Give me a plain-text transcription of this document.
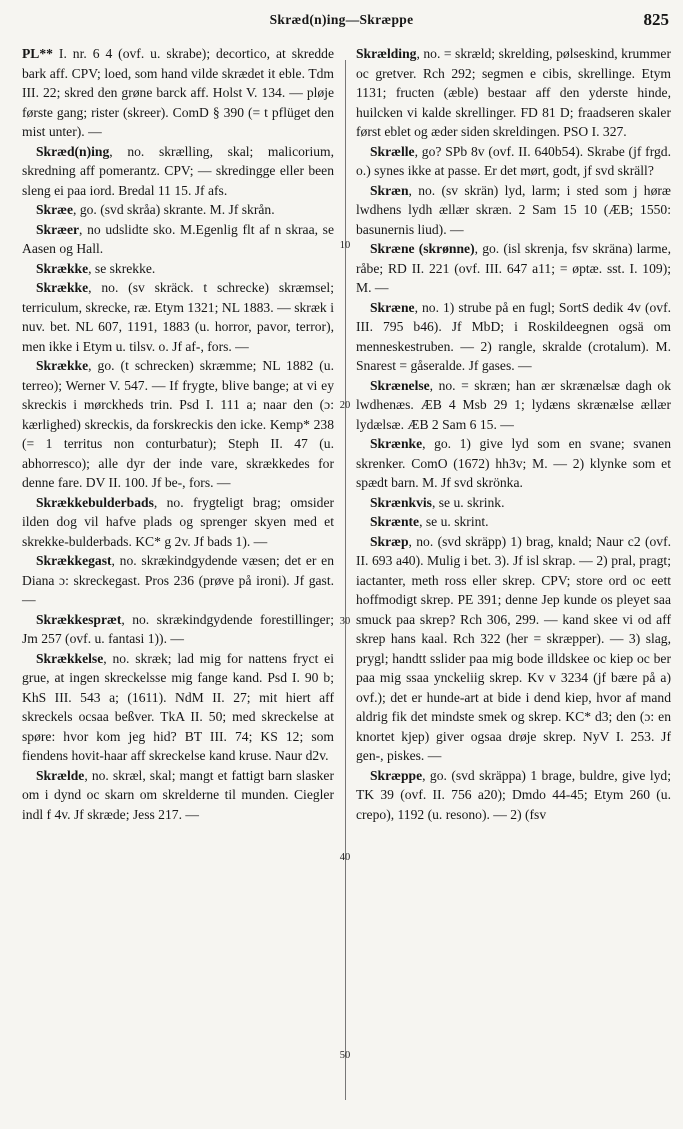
Skræd(n)ing—Skræppe	825
10
20
30
40
50

PL** I. nr. 6 4 (ovf. u. skrabe); decortico, at skredde bark aff. CPV; loed, som hand vilde skrædet it eble. Tdm III. 22; skred den grøne barck aff. Holst V. 134. — pløje første gang; rister (skreer). ComD § 390 (= t pflüget den mist unter). —

Skræd(n)ing, no. skrælling, skal; malicorium, skredning aff pomerantz. CPV; — skredingge eller been sleng ei paa iord. Bredal 11 15. Jf afs.

Skræe, go. (svd skråa) skrante. M. Jf skrån.

Skræer, no udslidte sko. M.Egenlig flt af n skraa, se Aasen og Hall.

Skrække, se skrekke.

Skrække, no. (sv skräck. t schrecke) skræmsel; terriculum, skrecke, ræ. Etym 1321; NL 1883. — skræk i nuv. bet. NL 607, 1191, 1883 (u. horror, pavor, terror), men ikke i Etym u. tilsv. o. Jf af-, fors. —

Skrække, go. (t schrecken) skræmme; NL 1882 (u. terreo); Werner V. 547. — If frygte, blive bange; at vi ey skreckis i mørckheds trin. Psd I. 111 a; naar den (ɔ: kærlighed) skreckis, da forskreckis den icke. Kemp* 238 (= 1 territus non conturbatur); Steph II. 47 (u. abhorresco); alle dyr der inde vare, skrækkedes for denne fare. DV II. 100. Jf be-, fors. —

Skrækkebulderbads, no. frygteligt brag; omsider ilden dog vil hafve plads og sprenger skyen med et skrekke-bulderbads. KC* g 2v. Jf bads 1). —

Skrækkegast, no. skrækindgydende væsen; det er en Diana ɔ: skreckegast. Pros 236 (prøve på ironi). Jf gast. —

Skrækkespræt, no. skrækindgydende forestillinger; Jm 257 (ovf. u. fantasi 1)). —

Skrækkelse, no. skræk; lad mig for nattens fryct ei grue, at ingen skreckelsse mig fange kand. Psd I. 90 b; KhS III. 543 a; (1611). NdM II. 27; mit hiert aff skreckels ocsaa beßver. TkA II. 50; med skreckelse at spøre: hvor kom jeg hid? BT III. 74; KS 12; som fiendens hovit-haar aff skreckelse kand kruse. Naur d2v.

Skrælde, no. skræl, skal; mangt et fattigt barn slasker om i dynd oc skarn om skrelderne til munden. Ciegler indl f 4v. Jf skræde; Jess 217. —

Skrælding, no. = skræld; skrelding, pølseskind, krummer oc gretver. Rch 292; segmen e cibis, skrellinge. Etym 1131; fructen (æble) bestaar aff den yderste hinde, huilcken vi kalde skrellinger. FD 81 D; fraadseren skaler først eblet og æder siden skreldingen. PSO I. 327.

Skrælle, go? SPb 8v (ovf. II. 640b54). Skrabe (jf frgd. o.) synes ikke at passe. Er det mørt, godt, jf svd skräll?

Skræn, no. (sv skrän) lyd, larm; i sted som j høræ lwdhens lydh ællær skræn. 2 Sam 15 10 (ÆB; 1550: basunernis liud). —

Skræne (skrønne), go. (isl skrenja, fsv skräna) larme, råbe; RD II. 221 (ovf. III. 647 a11; = øptæ. sst. I. 109); M. —

Skræne, no. 1) strube på en fugl; SortS dedik 4v (ovf. III. 795 b46). Jf MbD; i Roskildeegnen ogsä om menneskestruben. — 2) rangle, skralde (crotalum). M. Snarest = gåseralde. Jf gases. —

Skrænelse, no. = skræn; han ær skrænælsæ dagh ok lwdhenæs. ÆB 4 Msb 29 1; lydæns skrænælse ællær lydælsæ. ÆB 2 Sam 6 15. —

Skrænke, go. 1) give lyd som en svane; svanen skrenker. ComO (1672) hh3v; M. — 2) klynke som et spædt barn. M. Jf svd skrönka.

Skrænkvis, se u. skrink.

Skrænte, se u. skrint.

Skræp, no. (svd skräpp) 1) brag, knald; Naur c2 (ovf. II. 693 a40). Mulig i bet. 3). Jf isl skrap. — 2) pral, pragt; iactanter, meth ross eller skrep. CPV; store ord oc eett hoffmodigt skrep. PE 391; denne Jep kunde os pleyet saa smuck paa skrep? Rch 306, 299. — kand skee vi od aff skrep hans kaal. Rch 322 (her = skræpper). — 3) slag, prygl; handtt sslider paa mig bode illdskee oc kiep oc ber paa mig ssaa ynckeliig skrep. Kv v 3234 (jf bære på a) ovf.); det er hunde-art at bide i dend kiep, hvor af mand aldrig fik det mindste smek og skrep. KC* d3; den (ɔ: en knortet kjep) giver ogsaa drøje skrep. NyV I. 253. Jf gen-, piskes. —

Skræppe, go. (svd skräppa) 1 brage, buldre, give lyd; TK 39 (ovf. II. 756 a20); Dmdo 44-45; Etym 260 (u. crepo), 1192 (u. resono). — 2) (fsv
